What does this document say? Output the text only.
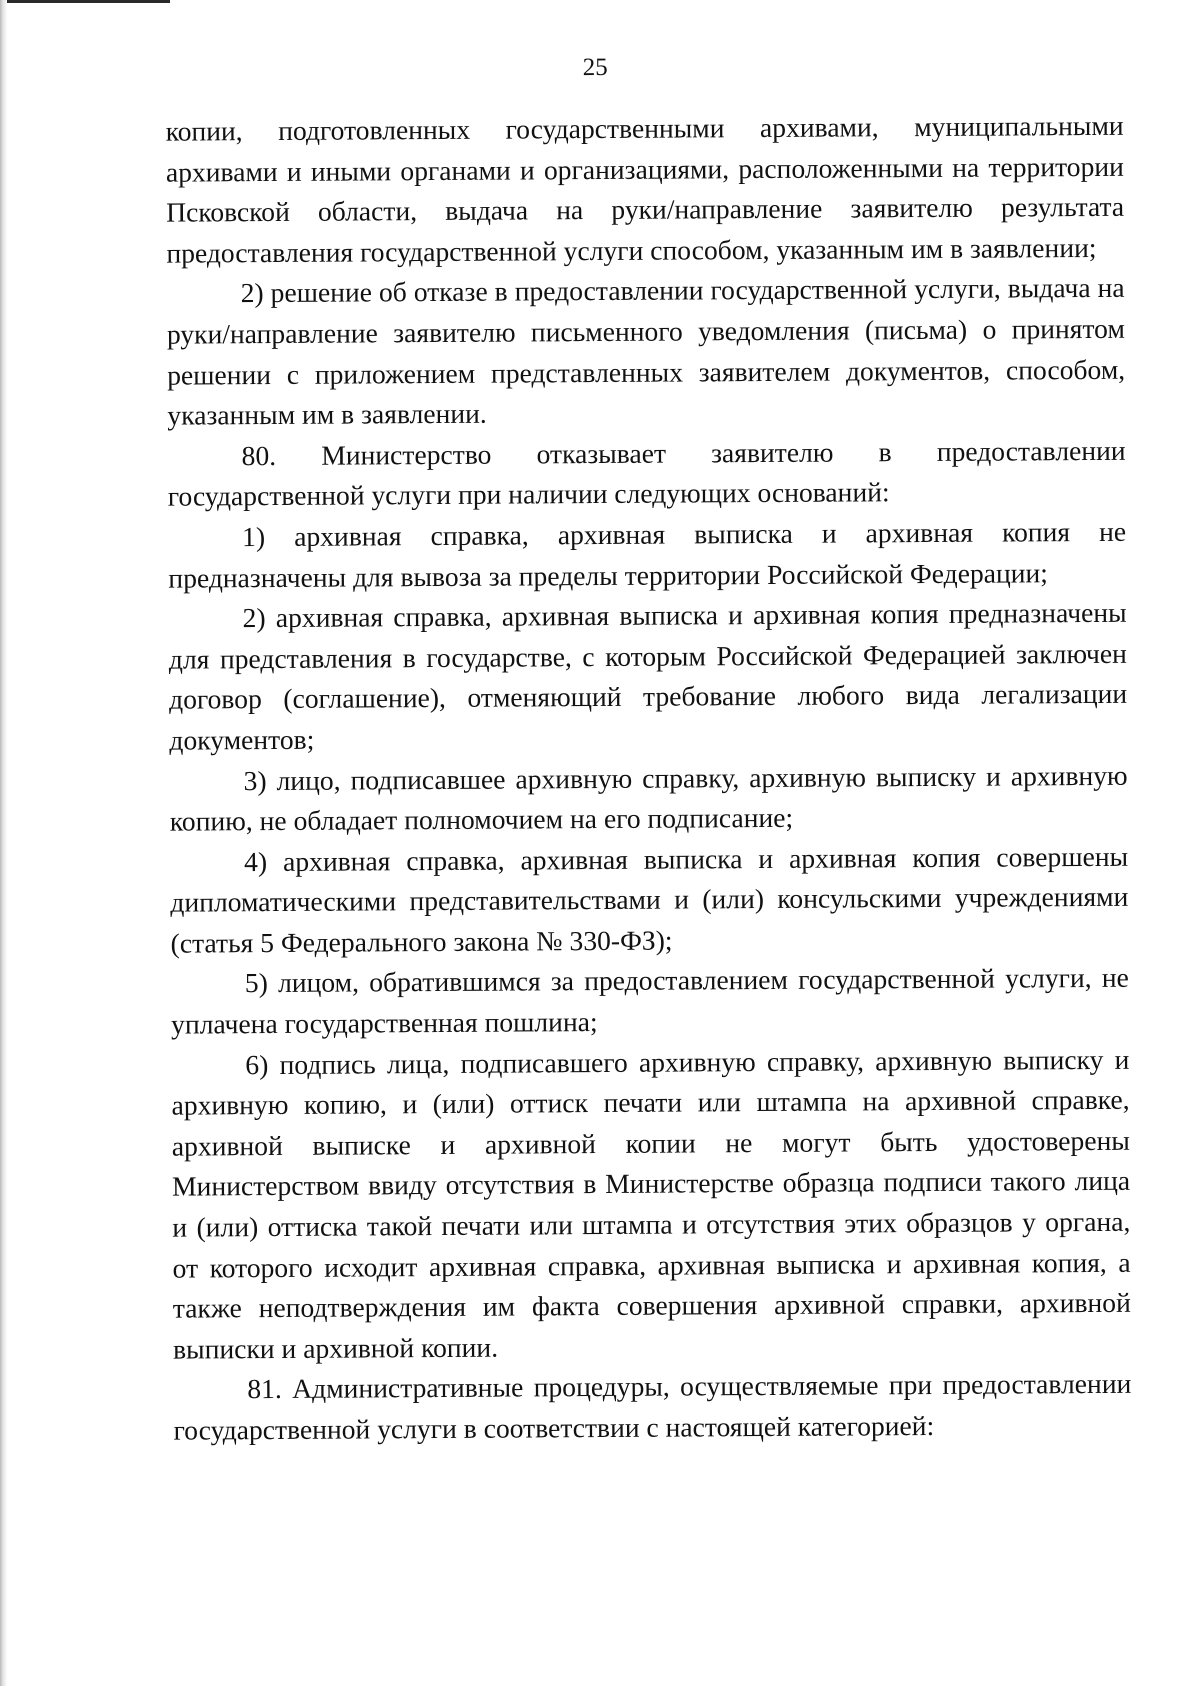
25

копии, подготовленных государственными архивами, муниципальными архивами и иными органами и организациями, расположенными на территории Псковской области, выдача на руки/направление заявителю результата предоставления государственной услуги способом, указанным им в заявлении;

2) решение об отказе в предоставлении государственной услуги, выдача на руки/направление заявителю письменного уведомления (письма) о принятом решении с приложением представленных заявителем документов, способом, указанным им в заявлении.

80. Министерство отказывает заявителю в предоставлении государственной услуги при наличии следующих оснований:

1) архивная справка, архивная выписка и архивная копия не предназначены для вывоза за пределы территории Российской Федерации;

2) архивная справка, архивная выписка и архивная копия предназначены для представления в государстве, с которым Российской Федерацией заключен договор (соглашение), отменяющий требование любого вида легализации документов;

3) лицо, подписавшее архивную справку, архивную выписку и архивную копию, не обладает полномочием на его подписание;

4) архивная справка, архивная выписка и архивная копия совершены дипломатическими представительствами и (или) консульскими учреждениями (статья 5 Федерального закона № 330-ФЗ);

5) лицом, обратившимся за предоставлением государственной услуги, не уплачена государственная пошлина;

6) подпись лица, подписавшего архивную справку, архивную выписку и архивную копию, и (или) оттиск печати или штампа на архивной справке, архивной выписке и архивной копии не могут быть удостоверены Министерством ввиду отсутствия в Министерстве образца подписи такого лица и (или) оттиска такой печати или штампа и отсутствия этих образцов у органа, от которого исходит архивная справка, архивная выписка и архивная копия, а также неподтверждения им факта совершения архивной справки, архивной выписки и архивной копии.

81. Административные процедуры, осуществляемые при предоставлении государственной услуги в соответствии с настоящей категорией:
